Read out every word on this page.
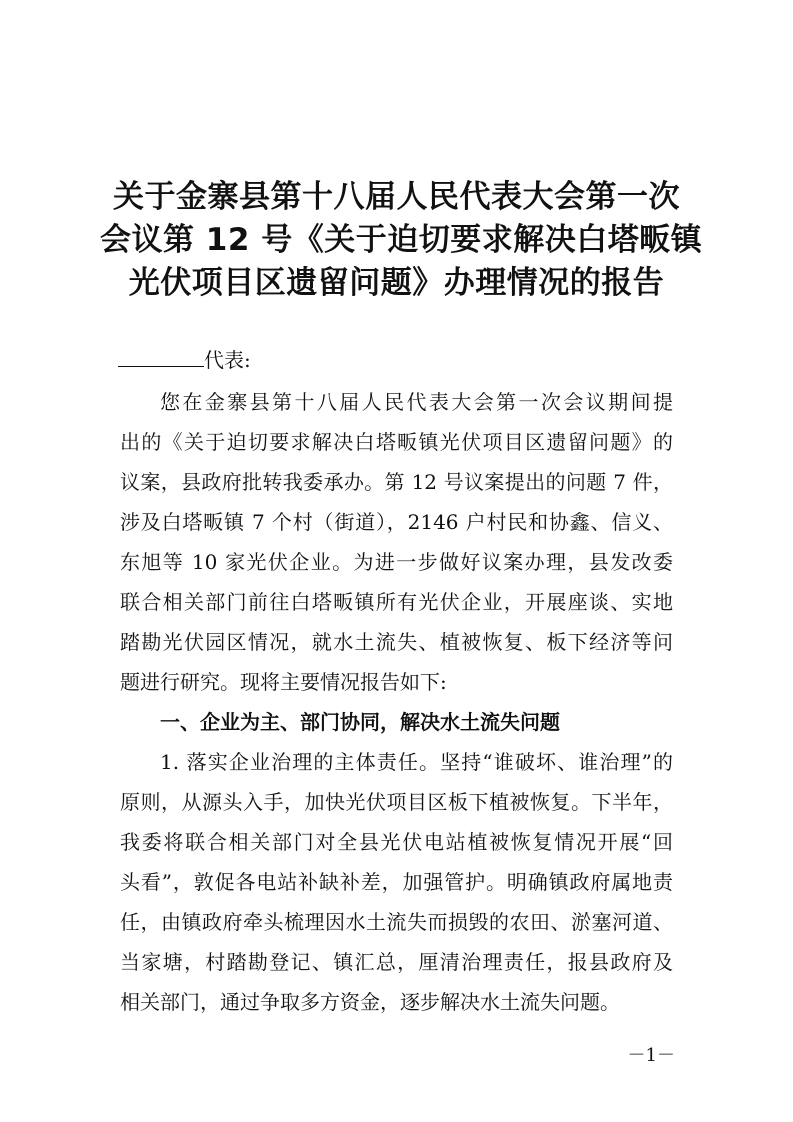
关于金寨县第十八届人民代表大会第一次
会议第 12 号《关于迫切要求解决白塔畈镇
光伏项目区遗留问题》办理情况的报告
代表:
您在金寨县第十八届人民代表大会第一次会议期间提
出的《关于迫切要求解决白塔畈镇光伏项目区遗留问题》的
议案，县政府批转我委承办。第 12 号议案提出的问题 7 件，
涉及白塔畈镇 7 个村（街道），2146 户村民和协鑫、信义、
东旭等 10 家光伏企业。为进一步做好议案办理，县发改委
联合相关部门前往白塔畈镇所有光伏企业，开展座谈、实地
踏勘光伏园区情况，就水土流失、植被恢复、板下经济等问
题进行研究。现将主要情况报告如下:
一、企业为主、部门协同，解决水土流失问题
1. 落实企业治理的主体责任。坚持“谁破坏、谁治理”的
原则，从源头入手，加快光伏项目区板下植被恢复。下半年，
我委将联合相关部门对全县光伏电站植被恢复情况开展“回
头看”，敦促各电站补缺补差，加强管护。明确镇政府属地责
任，由镇政府牵头梳理因水土流失而损毁的农田、淤塞河道、
当家塘，村踏勘登记、镇汇总，厘清治理责任，报县政府及
相关部门，通过争取多方资金，逐步解决水土流失问题。
－1－
